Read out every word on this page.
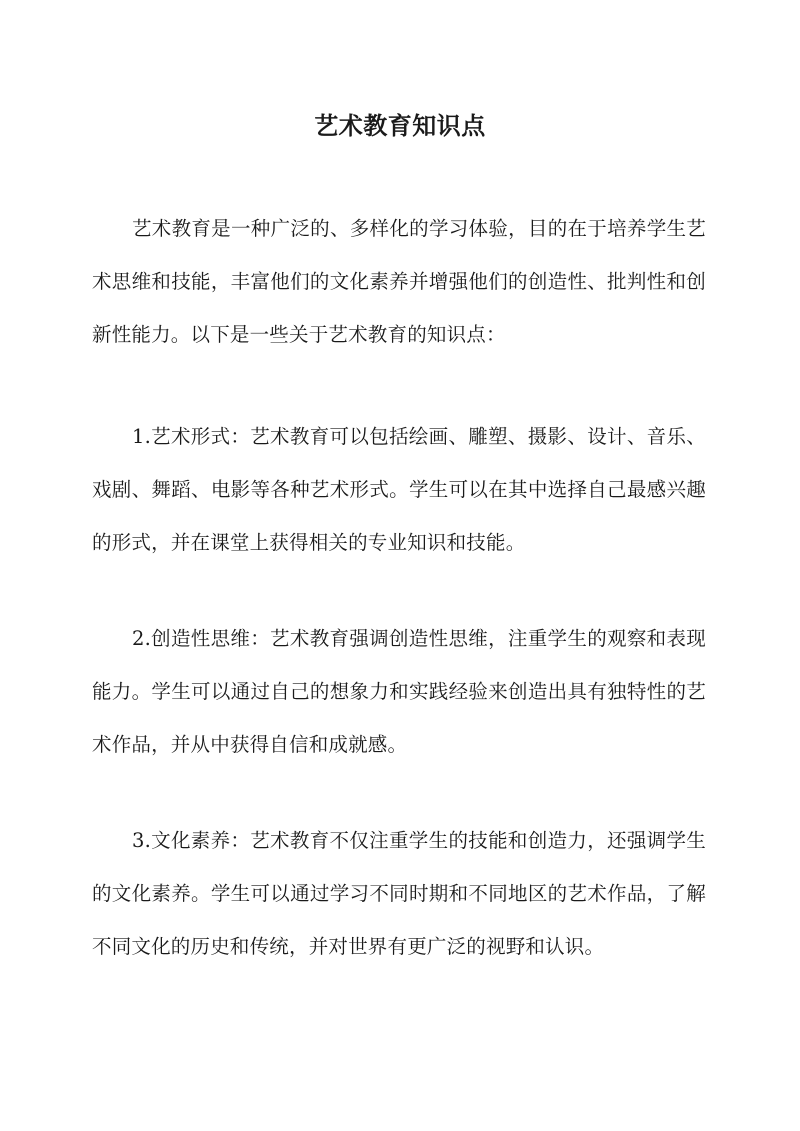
艺术教育知识点

艺术教育是一种广泛的、多样化的学习体验，目的在于培养学生艺术思维和技能，丰富他们的文化素养并增强他们的创造性、批判性和创新性能力。以下是一些关于艺术教育的知识点：

1.艺术形式：艺术教育可以包括绘画、雕塑、摄影、设计、音乐、戏剧、舞蹈、电影等各种艺术形式。学生可以在其中选择自己最感兴趣的形式，并在课堂上获得相关的专业知识和技能。

2.创造性思维：艺术教育强调创造性思维，注重学生的观察和表现能力。学生可以通过自己的想象力和实践经验来创造出具有独特性的艺术作品，并从中获得自信和成就感。

3.文化素养：艺术教育不仅注重学生的技能和创造力，还强调学生的文化素养。学生可以通过学习不同时期和不同地区的艺术作品，了解不同文化的历史和传统，并对世界有更广泛的视野和认识。
